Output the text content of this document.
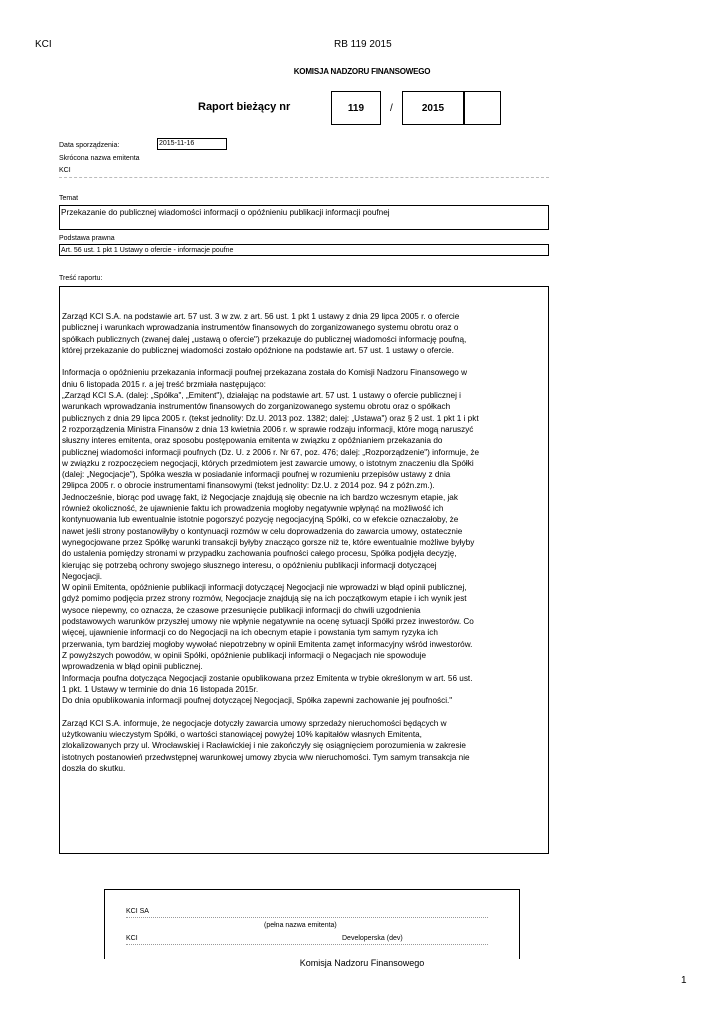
KCI	RB 119 2015
KOMISJA NADZORU FINANSOWEGO
Raport bieżący nr	119	/	2015
Data sporządzenia:	2015-11-16
Skrócona nazwa emitenta
KCI
Temat
Przekazanie do publicznej wiadomości informacji o opóźnieniu publikacji informacji poufnej
Podstawa prawna
Art. 56 ust. 1 pkt 1 Ustawy o ofercie - informacje poufne
Treść raportu:

Zarząd KCI S.A. na podstawie art. 57 ust. 3 w zw. z art. 56 ust. 1 pkt 1 ustawy z dnia 29 lipca 2005 r. o ofercie
publicznej i warunkach wprowadzania instrumentów finansowych do zorganizowanego systemu obrotu oraz o
spółkach publicznych (zwanej dalej „ustawą o ofercie") przekazuje do publicznej wiadomości informację poufną,
której przekazanie do publicznej wiadomości zostało opóźnione na podstawie art. 57 ust. 1 ustawy o ofercie.

Informacja o opóźnieniu przekazania informacji poufnej przekazana została do Komisji Nadzoru Finansowego w
dniu 6 listopada 2015 r. a jej treść brzmiała następująco:
„Zarząd KCI S.A. (dalej: „Spółka", „Emitent"), działając na podstawie art. 57 ust. 1 ustawy o ofercie publicznej i
warunkach wprowadzania instrumentów finansowych do zorganizowanego systemu obrotu oraz o spółkach
publicznych z dnia 29 lipca 2005 r. (tekst jednolity: Dz.U. 2013 poz. 1382; dalej: „Ustawa") oraz § 2 ust. 1 pkt 1 i pkt
2 rozporządzenia Ministra Finansów z dnia 13 kwietnia 2006 r. w sprawie rodzaju informacji, które mogą naruszyć
słuszny interes emitenta, oraz sposobu postępowania emitenta w związku z opóźnianiem przekazania do
publicznej wiadomości informacji poufnych (Dz. U. z 2006 r. Nr 67, poz. 476; dalej: „Rozporządzenie") informuje, że
w związku z rozpoczęciem negocjacji, których przedmiotem jest zawarcie umowy, o istotnym znaczeniu dla Spółki
(dalej: „Negocjacje"), Spółka weszła w posiadanie informacji poufnej w rozumieniu przepisów ustawy z dnia
29lipca 2005 r. o obrocie instrumentami finansowymi (tekst jednolity: Dz.U. z 2014 poz. 94 z późn.zm.).
Jednocześnie, biorąc pod uwagę fakt, iż Negocjacje znajdują się obecnie na ich bardzo wczesnym etapie, jak
również okoliczność, że ujawnienie faktu ich prowadzenia mogłoby negatywnie wpłynąć na możliwość ich
kontynuowania lub ewentualnie istotnie pogorszyć pozycję negocjacyjną Spółki, co w efekcie oznaczałoby, że
nawet jeśli strony postanowiłyby o kontynuacji rozmów w celu doprowadzenia do zawarcia umowy, ostatecznie
wynegocjowane przez Spółkę warunki transakcji byłyby znacząco gorsze niż te, które ewentualnie możliwe byłyby
do ustalenia pomiędzy stronami w przypadku zachowania poufności całego procesu, Spółka podjęła decyzję,
kierując się potrzebą ochrony swojego słusznego interesu, o opóźnieniu publikacji informacji dotyczącej
Negocjacji.
W opinii Emitenta, opóźnienie publikacji informacji dotyczącej Negocjacji nie wprowadzi w błąd opinii publicznej,
gdyż pomimo podjęcia przez strony rozmów, Negocjacje znajdują się na ich początkowym etapie i ich wynik jest
wysoce niepewny, co oznacza, że czasowe przesunięcie publikacji informacji do chwili uzgodnienia
podstawowych warunków przyszłej umowy nie wpłynie negatywnie na ocenę sytuacji Spółki przez inwestorów. Co
więcej, ujawnienie informacji co do Negocjacji na ich obecnym etapie i powstania tym samym ryzyka ich
przerwania, tym bardziej mogłoby wywołać niepotrzebny w opinii Emitenta zamęt informacyjny wśród inwestorów.
Z powyższych powodów, w opinii Spółki, opóźnienie publikacji informacji o Negacjach nie spowoduje
wprowadzenia w błąd opinii publicznej.
Informacja poufna dotycząca Negocjacji zostanie opublikowana przez Emitenta w trybie określonym w art. 56 ust.
1 pkt. 1 Ustawy w terminie do dnia 16 listopada 2015r.
Do dnia opublikowania informacji poufnej dotyczącej Negocjacji, Spółka zapewni zachowanie jej poufności."

Zarząd KCI S.A. informuje, że negocjacje dotyczły zawarcia umowy sprzedaży nieruchomości będących w
użytkowaniu wieczystym Spółki, o wartości stanowiącej powyżej 10% kapitałów własnych Emitenta,
zlokalizowanych przy ul. Wrocławskiej i Racławickiej i nie zakończyły się osiągnięciem porozumienia w zakresie
istotnych postanowień przedwstępnej warunkowej umowy zbycia w/w nieruchomości. Tym samym transakcja nie
doszła do skutku.

KCI SA
(pełna nazwa emitenta)
KCI	Developerska (dev)
Komisja Nadzoru Finansowego
1
